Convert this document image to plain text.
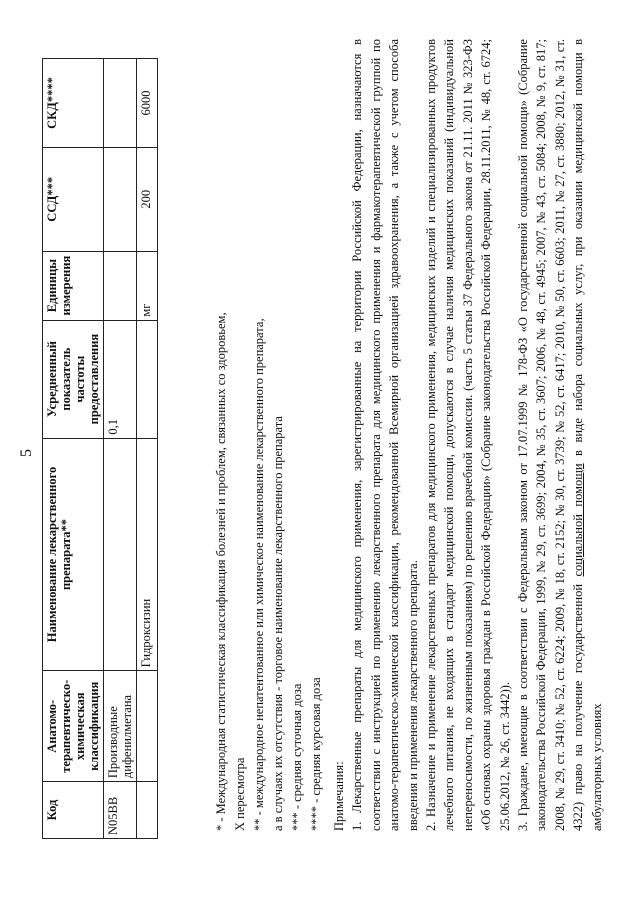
5
Код	Анатомо-терапевтическо-химическая классификация	Наименование лекарственного препарата**	Усредненный показатель частоты предоставления	Единицы измерения	ССД***	СКД****
N05BB	Производные дифенилметана		0,1			
		Гидроксизин		мг	200	6000

* - Международная статистическая классификация болезней и проблем, связанных со здоровьем, X пересмотра ** - международное непатентованное или химическое наименование лекарственного препарата, а в случаях их отсутствия - торговое наименование лекарственного препарата *** - средняя суточная доза **** - средняя курсовая доза Примечания: 1. Лекарственные препараты для медицинского применения, зарегистрированные на территории Российской Федерации, назначаются в соответствии с инструкцией по применению лекарственного препарата для медицинского применения и фармакотерапевтической группой по анатомо-терапевтическо-химической классификации, рекомендованной Всемирной организацией здравоохранения, а также с учетом способа введения и применения лекарственного препарата. 2. Назначение и применение лекарственных препаратов для медицинского применения, медицинских изделий и специализированных продуктов лечебного питания, не входящих в стандарт медицинской помощи, допускаются в случае наличия медицинских показаний (индивидуальной непереносимости, по жизненным показаниям) по решению врачебной комиссии. (часть 5 статьи 37 Федерального закона от 21.11. 2011 № 323-ФЗ «Об основах охраны здоровья граждан в Российской Федерации» (Собрание законодательства Российской Федерации, 28.11.2011, № 48, ст. 6724; 25.06.2012, № 26, ст. 3442)). 3. Граждане, имеющие в соответствии с Федеральным законом от 17.07.1999 № 178-ФЗ «О государственной социальной помощи» (Собрание законодательства Российской Федерации, 1999, № 29, ст. 3699; 2004, № 35, ст. 3607; 2006, № 48, ст. 4945; 2007, № 43, ст. 5084; 2008, № 9, ст. 817; 2008, № 29, ст. 3410; № 52, ст. 6224; 2009, № 18, ст. 2152; № 30, ст. 3739; № 52, ст. 6417; 2010, № 50, ст. 6603; 2011, № 27, ст. 3880; 2012, № 31, ст. 4322) право на получение государственной социальной помощи в виде набора социальных услуг, при оказании медицинской помощи в амбулаторных условиях
